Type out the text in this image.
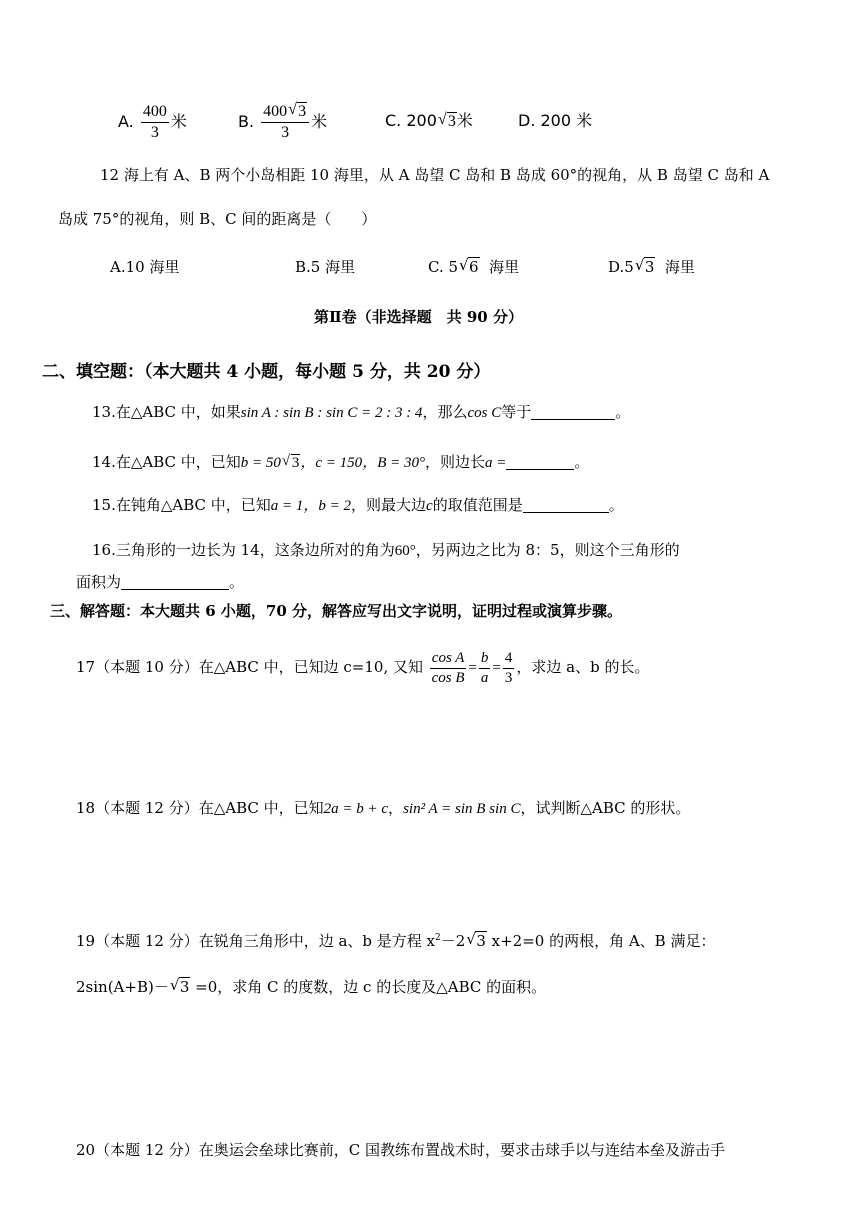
A. $\frac{400}{3}$ 米	B. $\frac{400√ 3}{3}$ 米	C. 200√ 3米	D. 200 米
12 海上有 A、B 两个小岛相距 10 海里，从 A 岛望 C 岛和 B 岛成 60°的视角，从 B 岛望 C 岛和 A
岛成 75°的视角，则 B、C 间的距离是（　　）
A.10 海里	B.5 海里	C. 5√ 6 海里	D.5√ 3 海里
第Ⅱ卷（非选择题　共 90 分）
二、填空题：（本大题共 4 小题，每小题 5 分，共 20 分）
13.在△ABC 中，如果sin A : sin B : sin C = 2 : 3 : 4，那么cos C等于	。
14.在△ABC 中，已知b = 50√ 3，c = 150，B = 30°，则边长a =	。
15.在钝角△ABC 中，已知a = 1，b = 2，则最大边c的取值范围是	。
16.三角形的一边长为 14，这条边所对的角为60°，另两边之比为 8：5，则这个三角形的
面积为	。
三、解答题：本大题共 6 小题，70 分，解答应写出文字说明，证明过程或演算步骤。
17（本题 10 分）在△ABC 中，已知边 c=10, 又知 $\frac{\text{cos A}}{\text{cos B}} = \frac{b}{a} = \frac{4}{3}$ ，求边 a、b 的长。
18（本题 12 分）在△ABC 中，已知2a = b + c，sin² A = sin B sin C，试判断△ABC 的形状。
19（本题 12 分）在锐角三角形中，边 a、b 是方程 $x^2-2√$ 3 x+2=0 的两根，角 A、B 满足：
2sin(A+B)－√ 3 =0，求角 C 的度数，边 c 的长度及△ABC 的面积。
20（本题 12 分）在奥运会垒球比赛前，C 国教练布置战术时，要求击球手以与连结本垒及游击手
